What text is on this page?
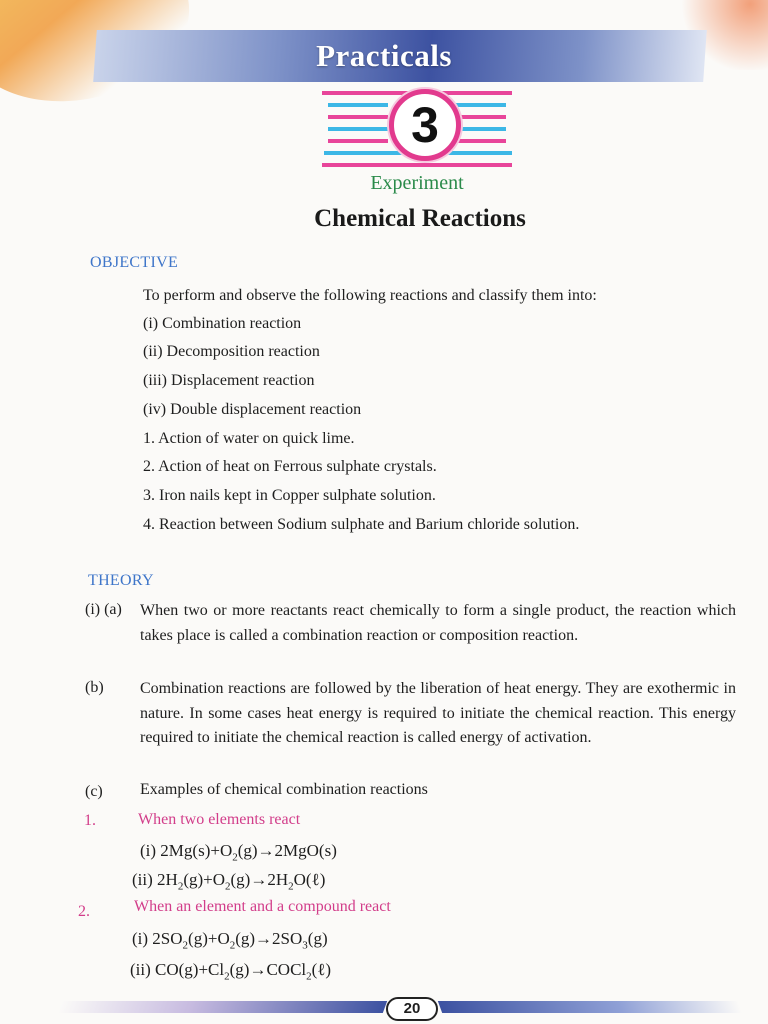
Practicals
3
Experiment
Chemical Reactions
OBJECTIVE
To perform and observe the following reactions and classify them into:
(i) Combination reaction
(ii) Decomposition reaction
(iii) Displacement reaction
(iv) Double displacement reaction
1. Action of water on quick lime.
2. Action of heat on Ferrous sulphate crystals.
3. Iron nails kept in Copper sulphate solution.
4. Reaction between Sodium sulphate and Barium chloride solution.
THEORY
(i) (a) When two or more reactants react chemically to form a single product, the reaction which takes place is called a combination reaction or composition reaction.
(b) Combination reactions are followed by the liberation of heat energy. They are exothermic in nature. In some cases heat energy is required to initiate the chemical reaction. This energy required to initiate the chemical reaction is called energy of activation.
(c) Examples of chemical combination reactions
1.	When two elements react
(i) $2Mg(s)+O_2(g)\to 2MgO(s)$
(ii) $2H_2(g)+O_2(g)\to 2H_2O(\ell)$
2.	When an element and a compound react
(i) $2SO_2(g)+O_2(g)\to 2SO_3(g)$
(ii) $CO(g)+Cl_2(g)\to COCl_2(\ell)$
20
